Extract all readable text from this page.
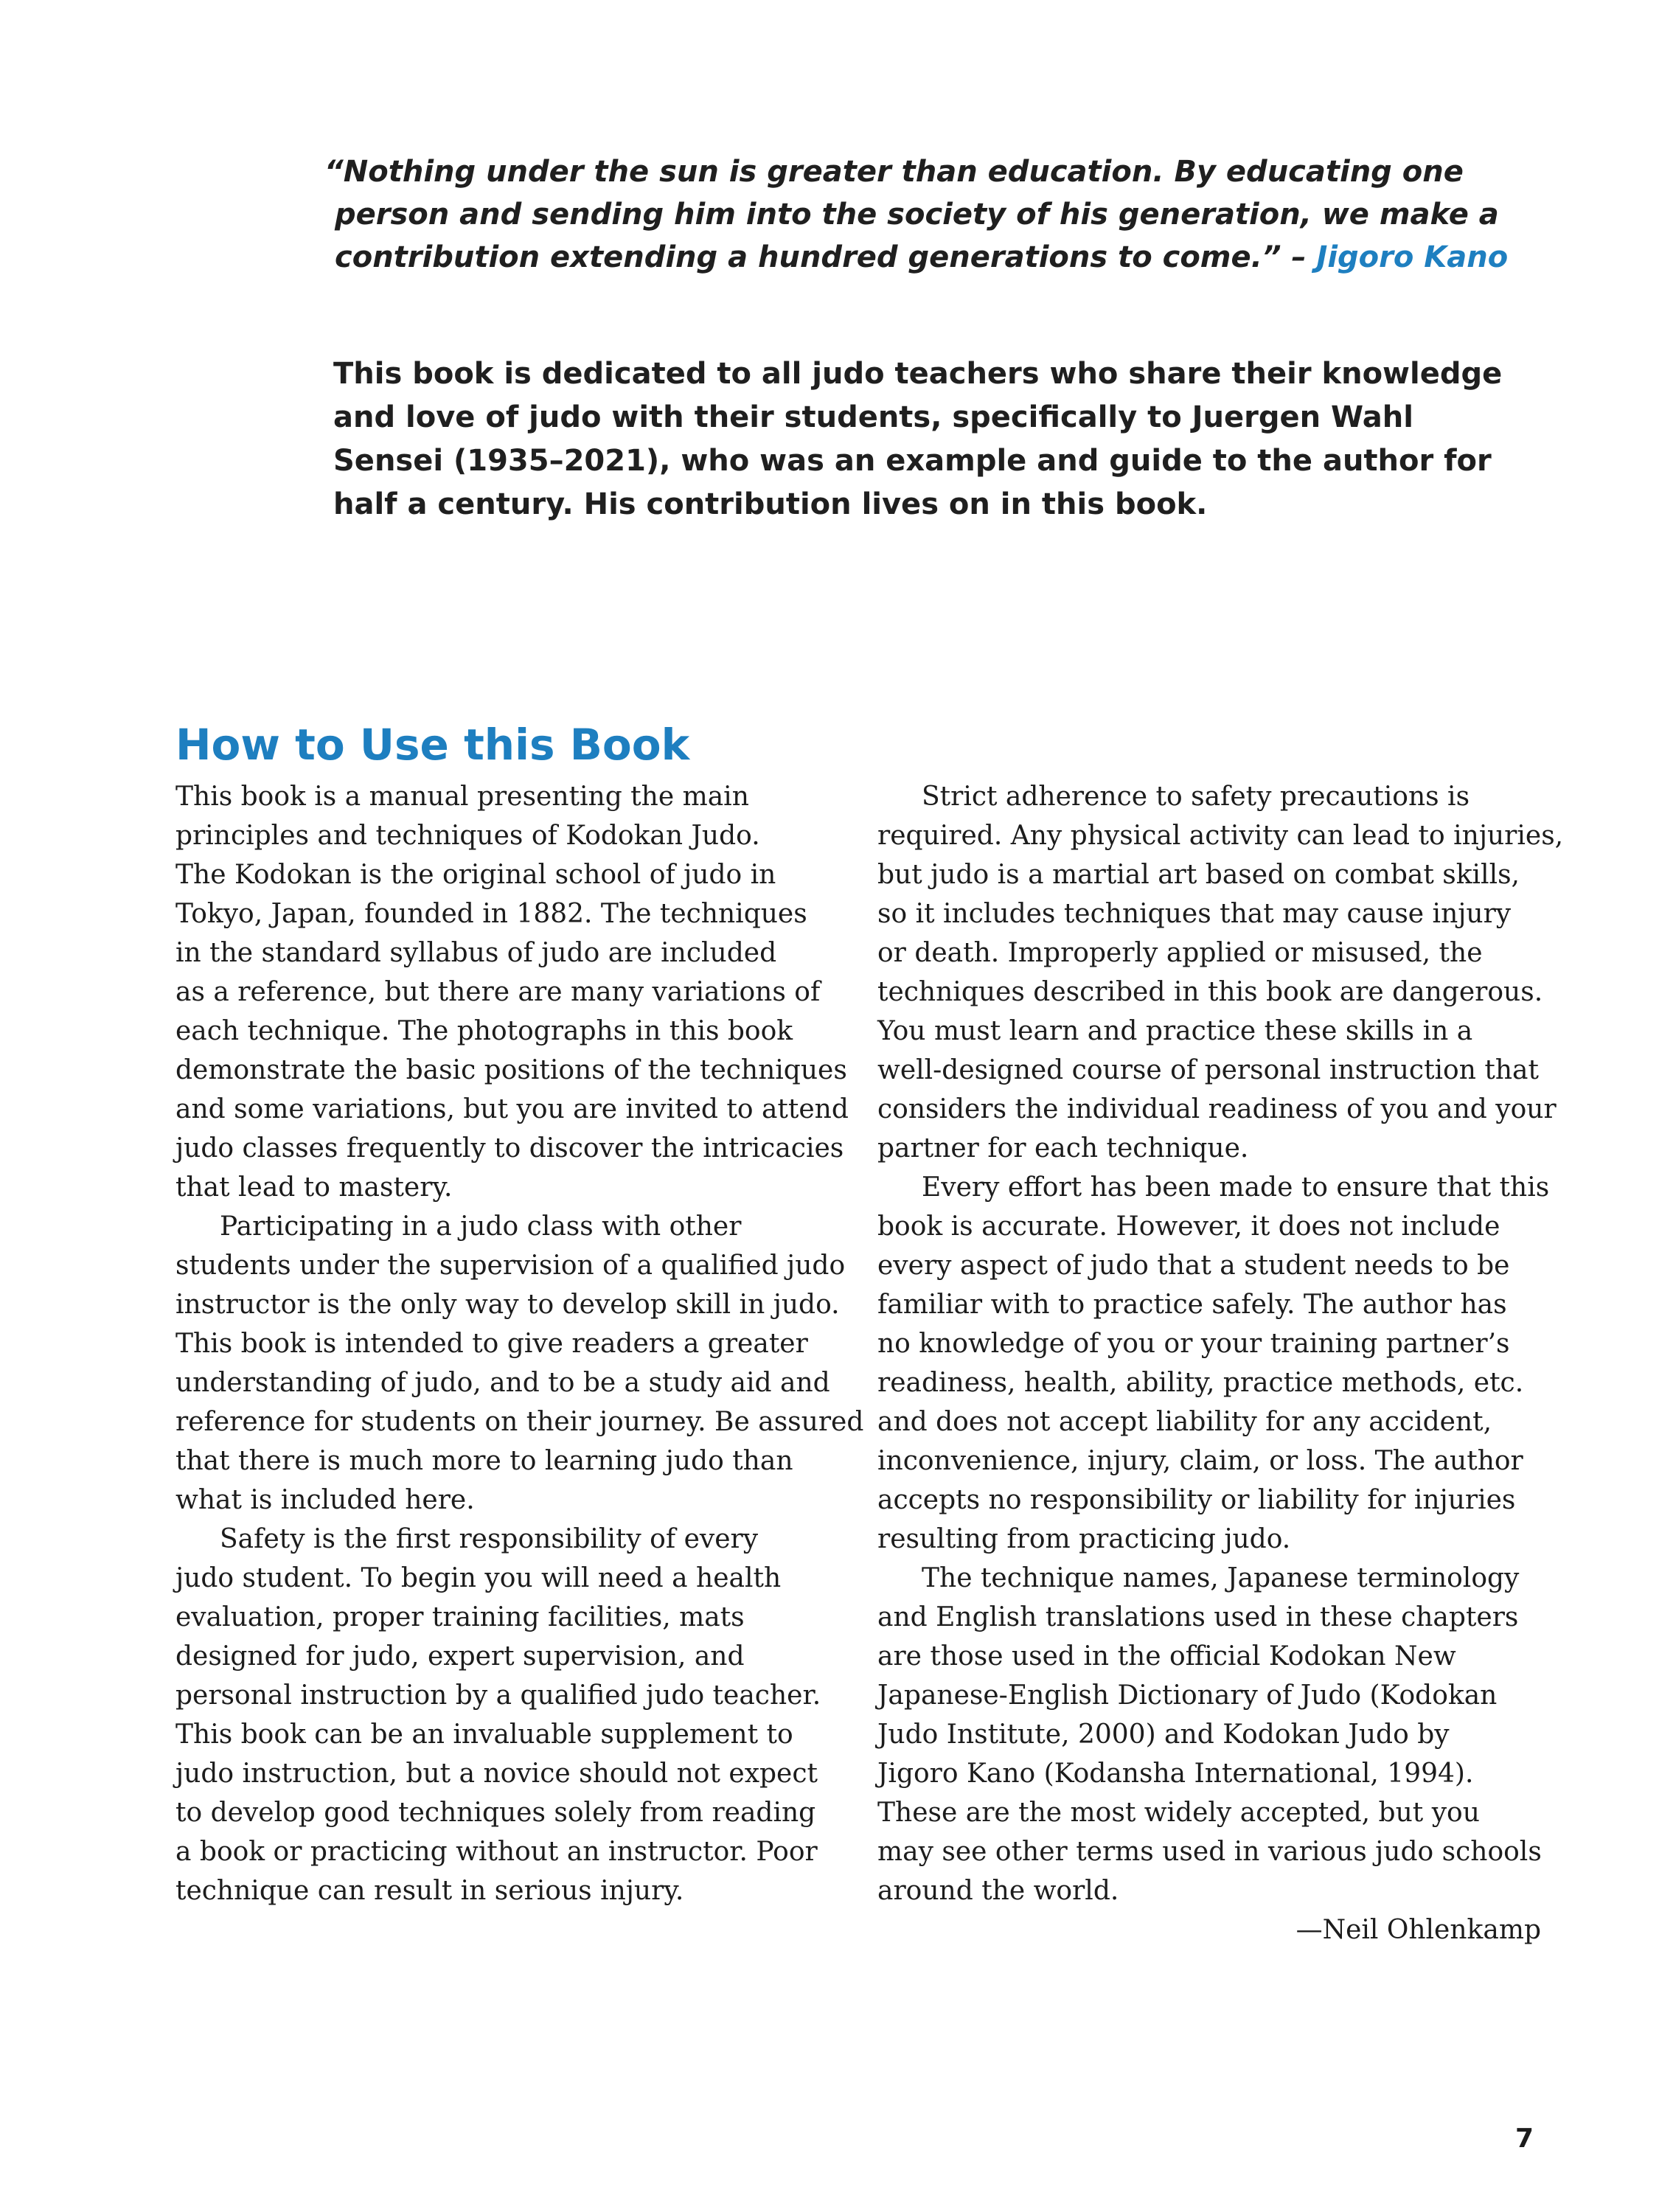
“Nothing under the sun is greater than education. By educating one
person and sending him into the society of his generation, we make a
contribution extending a hundred generations to come.” – Jigoro Kano
This book is dedicated to all judo teachers who share their knowledge
and love of judo with their students, specifically to Juergen Wahl
Sensei (1935–2021), who was an example and guide to the author for
half a century. His contribution lives on in this book.
How to Use this Book
This book is a manual presenting the main
principles and techniques of Kodokan Judo.
The Kodokan is the original school of judo in
Tokyo, Japan, founded in 1882. The techniques
in the standard syllabus of judo are included
as a reference, but there are many variations of
each technique. The photographs in this book
demonstrate the basic positions of the techniques
and some variations, but you are invited to attend
judo classes frequently to discover the intricacies
that lead to mastery.
Participating in a judo class with other
students under the supervision of a qualified judo
instructor is the only way to develop skill in judo.
This book is intended to give readers a greater
understanding of judo, and to be a study aid and
reference for students on their journey. Be assured
that there is much more to learning judo than
what is included here.
Safety is the first responsibility of every
judo student. To begin you will need a health
evaluation, proper training facilities, mats
designed for judo, expert supervision, and
personal instruction by a qualified judo teacher.
This book can be an invaluable supplement to
judo instruction, but a novice should not expect
to develop good techniques solely from reading
a book or practicing without an instructor. Poor
technique can result in serious injury.
Strict adherence to safety precautions is
required. Any physical activity can lead to injuries,
but judo is a martial art based on combat skills,
so it includes techniques that may cause injury
or death. Improperly applied or misused, the
techniques described in this book are dangerous.
You must learn and practice these skills in a
well-designed course of personal instruction that
considers the individual readiness of you and your
partner for each technique.
Every effort has been made to ensure that this
book is accurate. However, it does not include
every aspect of judo that a student needs to be
familiar with to practice safely. The author has
no knowledge of you or your training partner’s
readiness, health, ability, practice methods, etc.
and does not accept liability for any accident,
inconvenience, injury, claim, or loss. The author
accepts no responsibility or liability for injuries
resulting from practicing judo.
The technique names, Japanese terminology
and English translations used in these chapters
are those used in the official Kodokan New
Japanese-English Dictionary of Judo (Kodokan
Judo Institute, 2000) and Kodokan Judo by
Jigoro Kano (Kodansha International, 1994).
These are the most widely accepted, but you
may see other terms used in various judo schools
around the world.
—Neil Ohlenkamp
7
